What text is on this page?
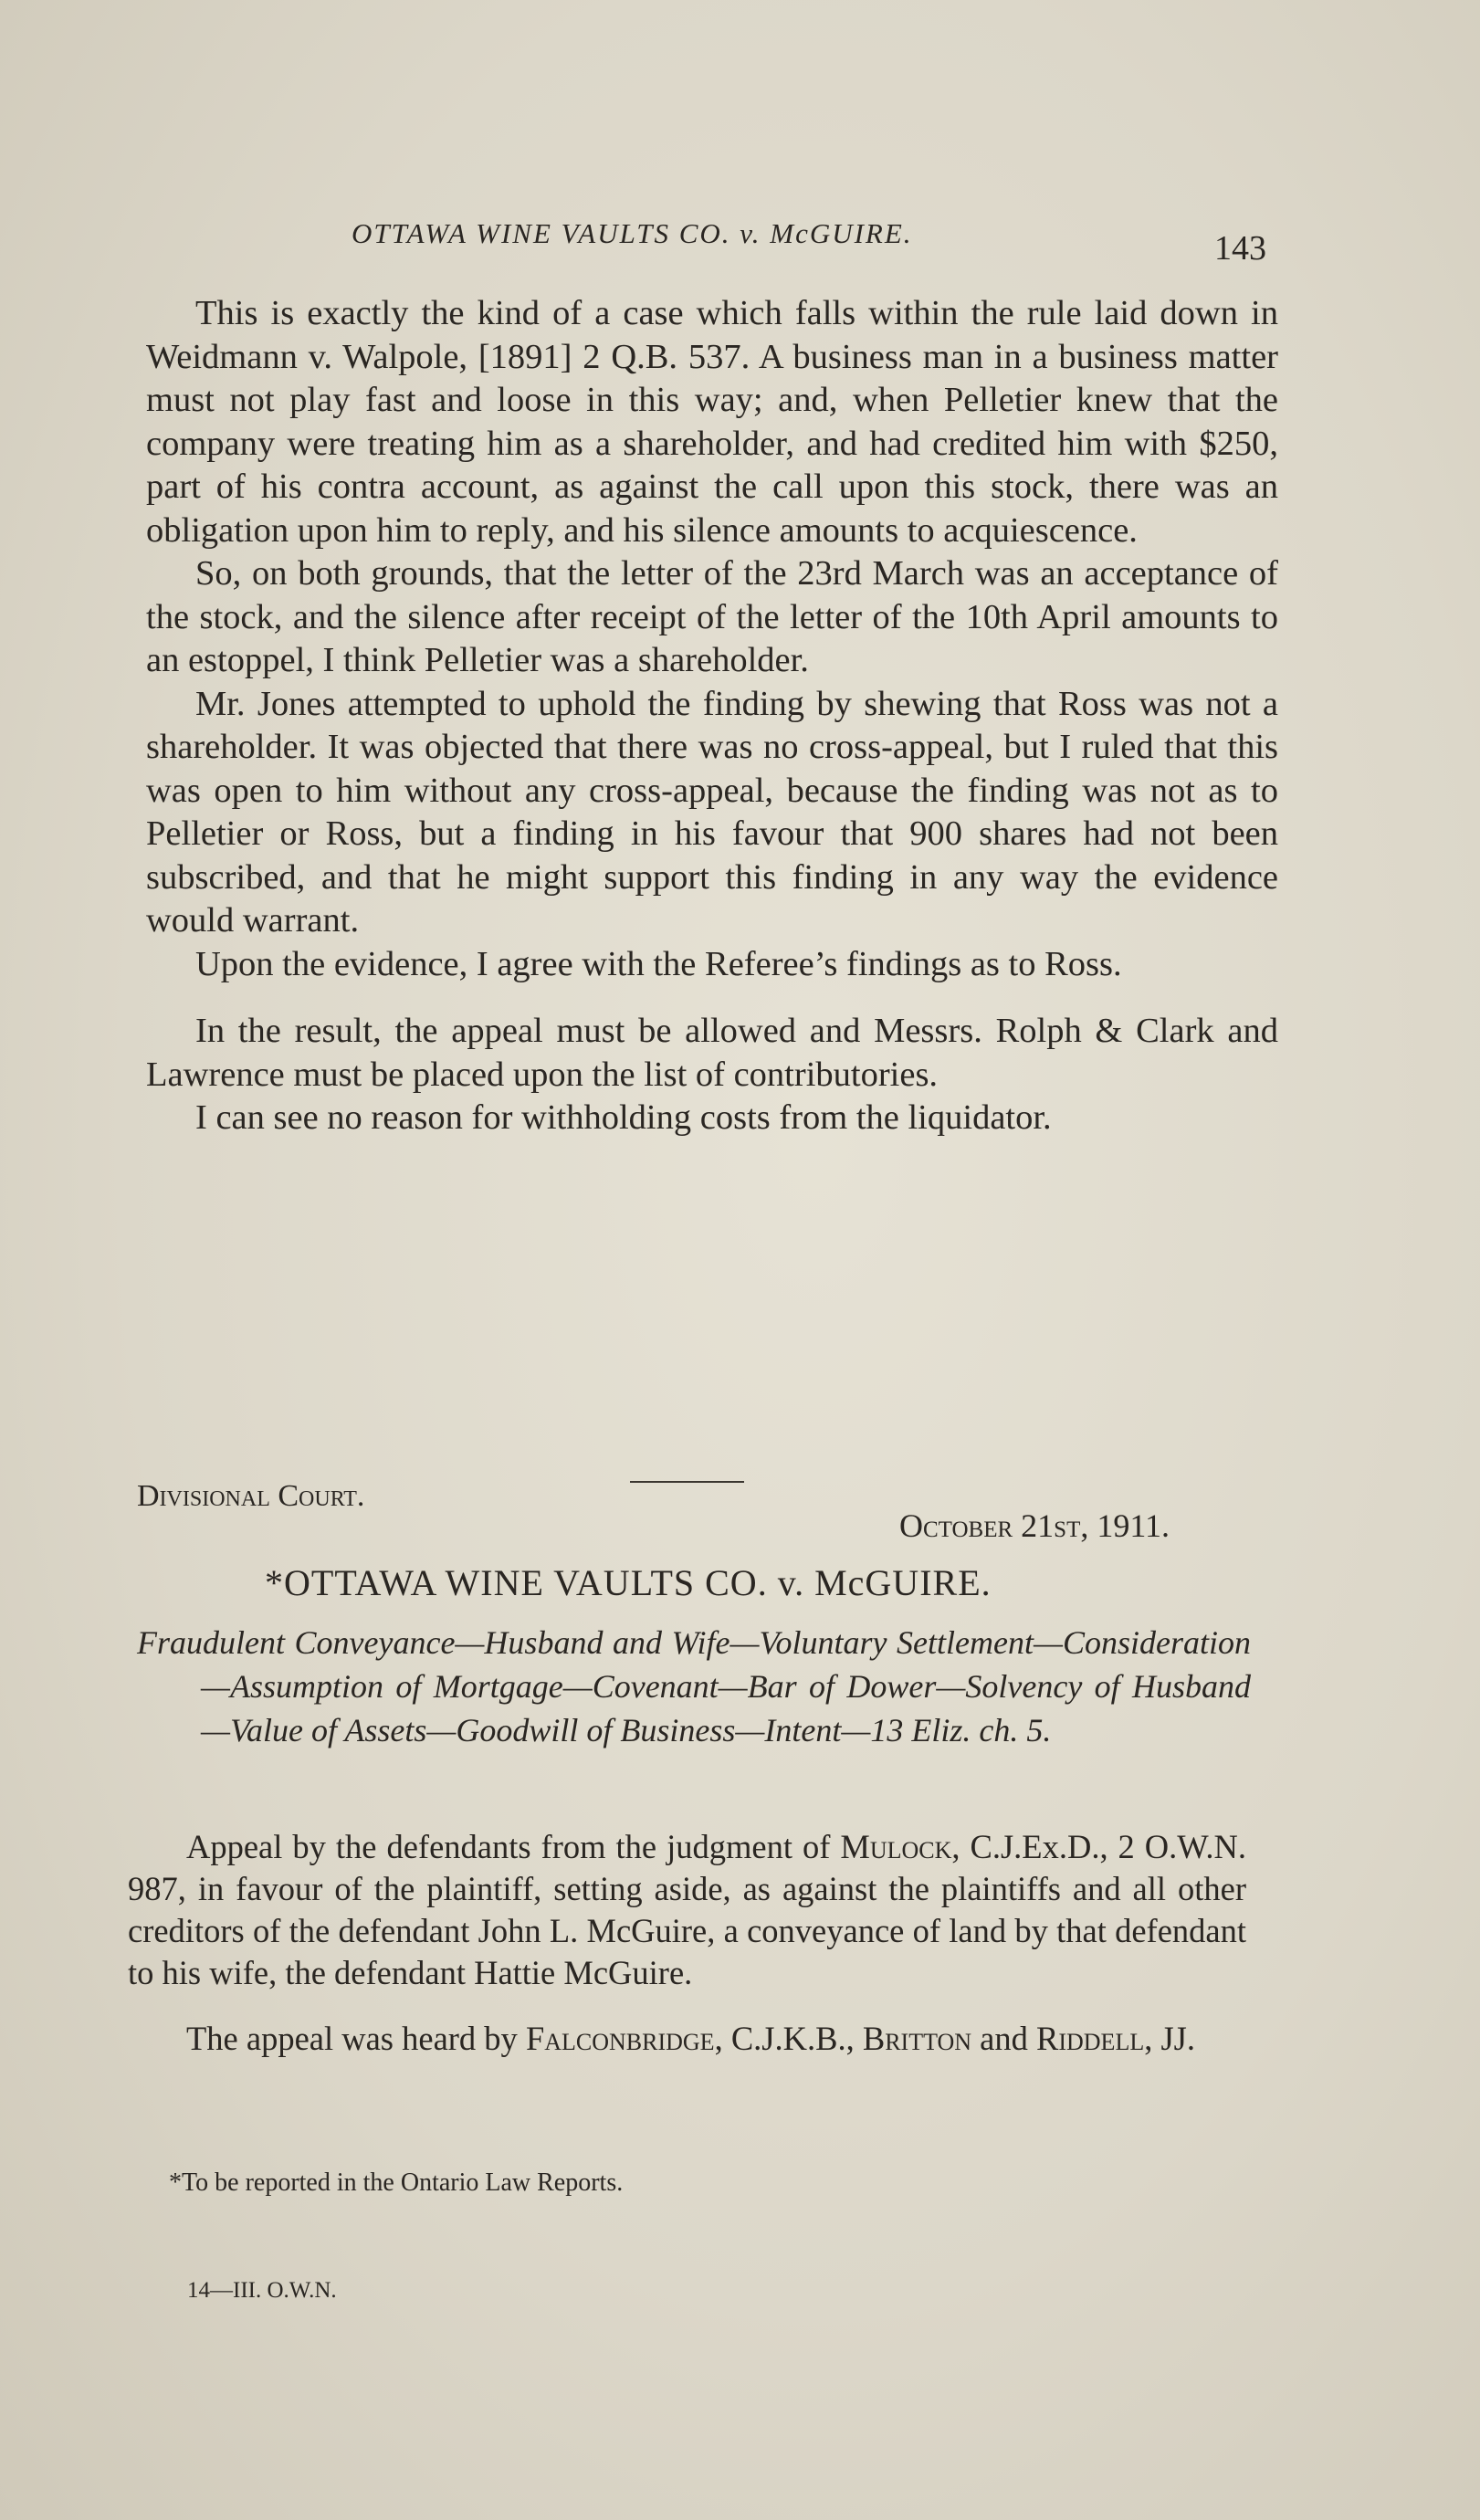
OTTAWA WINE VAULTS CO. v. McGUIRE.	143

This is exactly the kind of a case which falls within the rule laid down in Weidmann v. Walpole, [1891] 2 Q.B. 537. A business man in a business matter must not play fast and loose in this way; and, when Pelletier knew that the company were treating him as a shareholder, and had credited him with $250, part of his contra account, as against the call upon this stock, there was an obligation upon him to reply, and his silence amounts to acquiescence.

So, on both grounds, that the letter of the 23rd March was an acceptance of the stock, and the silence after receipt of the letter of the 10th April amounts to an estoppel, I think Pelletier was a shareholder.

Mr. Jones attempted to uphold the finding by shewing that Ross was not a shareholder. It was objected that there was no cross-appeal, but I ruled that this was open to him without any cross-appeal, because the finding was not as to Pelletier or Ross, but a finding in his favour that 900 shares had not been subscribed, and that he might support this finding in any way the evidence would warrant.

Upon the evidence, I agree with the Referee’s findings as to Ross.

In the result, the appeal must be allowed and Messrs. Rolph & Clark and Lawrence must be placed upon the list of contributories.

I can see no reason for withholding costs from the liquidator.

Divisional Court.
October 21st, 1911.
*OTTAWA WINE VAULTS CO. v. McGUIRE.
Fraudulent Conveyance—Husband and Wife—Voluntary Settlement—Consideration—Assumption of Mortgage—Covenant—Bar of Dower—Solvency of Husband—Value of Assets—Goodwill of Business—Intent—13 Eliz. ch. 5.

Appeal by the defendants from the judgment of Mulock, C.J.Ex.D., 2 O.W.N. 987, in favour of the plaintiff, setting aside, as against the plaintiffs and all other creditors of the defendant John L. McGuire, a conveyance of land by that defendant to his wife, the defendant Hattie McGuire.

The appeal was heard by Falconbridge, C.J.K.B., Britton and Riddell, JJ.

*To be reported in the Ontario Law Reports.
14—III. O.W.N.
